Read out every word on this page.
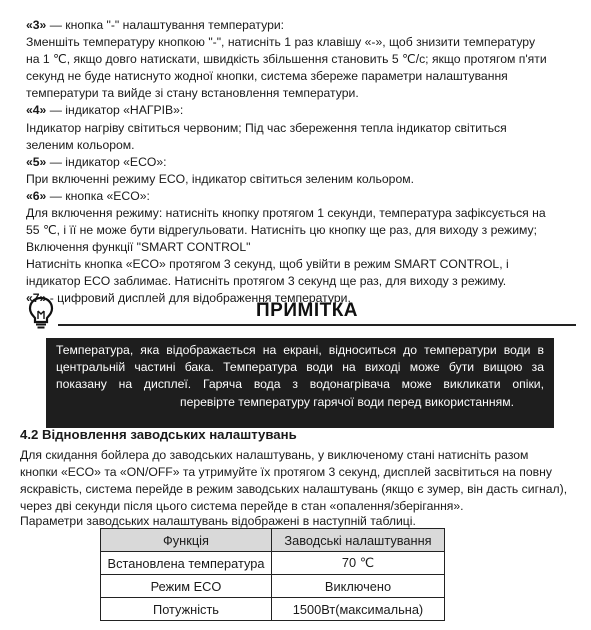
«3» — кнопка "-" налаштування температури:
Зменшіть температуру кнопкою "-", натисніть 1 раз клавішу «-», щоб знизити температуру
на 1 ℃, якщо довго натискати, швидкість збільшення становить 5 ℃/с; якщо протягом п'яти
секунд не буде натиснуто жодної кнопки, система збереже параметри налаштування
температури та вийде зі стану встановлення температури.
«4» — індикатор «НАГРІВ»:
Індикатор нагріву світиться червоним; Під час збереження тепла індикатор світиться
зеленим кольором.
«5» — індикатор «ECO»:
При включенні режиму ECO, індикатор світиться зеленим кольором.
«6» — кнопка «ECO»:
Для включення режиму: натисніть кнопку протягом 1 секунди, температура зафіксується на
55 ℃, і її не може бути відрегульовати. Натисніть цю кнопку ще раз, для виходу з режиму;
Включення функції "SMART CONTROL"
Натисніть кнопка «ECO» протягом 3 секунд, щоб увійти в режим SMART CONTROL, і
індикатор ECO заблимає. Натисніть протягом 3 секунд ще раз, для виходу з режиму.
«7» - цифровий дисплей для відображення температури.
ПРИМІТКА
Температура, яка відображається на екрані, відноситься до температури води в
центральній частині бака. Температура води на виході може бути вищою за
показану на дисплеї. Гаряча вода з водонагрівача може викликати опіки,
перевірте температуру гарячої води перед використанням.
4.2 Відновлення заводських налаштувань
Для скидання бойлера до заводських налаштувань, у виключеному стані натисніть разом
кнопки «ECO» та «ON/OFF» та утримуйте їх протягом 3 секунд, дисплей засвітиться на повну
яскравість, система перейде в режим заводських налаштувань (якщо є зумер, він дасть сигнал),
через дві секунди після цього система перейде в стан «опалення/зберігання».
Параметри заводських налаштувань відображені в наступній таблиці.
Функція	Заводські налаштування
Встановлена температура	70 ℃
Режим ECO	Виключено
Потужність	1500Вт(максимальна)
